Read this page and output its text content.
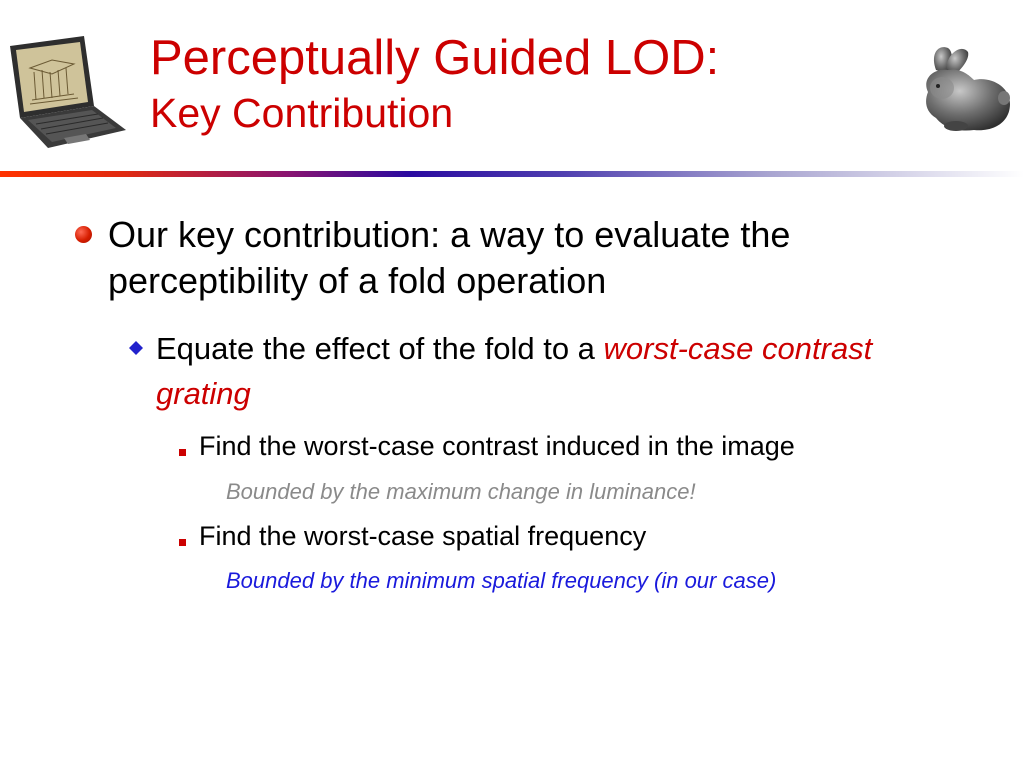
Perceptually Guided LOD:
Key Contribution
Our key contribution: a way to evaluate the perceptibility of a fold operation
Equate the effect of the fold to a worst-case contrast grating
Find the worst-case contrast induced in the image
Bounded by the maximum change in luminance!
Find the worst-case spatial frequency
Bounded by the minimum spatial frequency (in our case)
